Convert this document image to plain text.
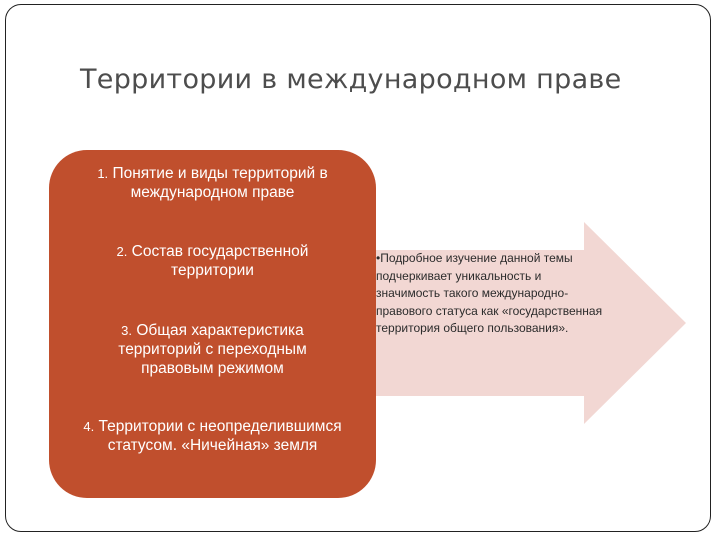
Территории в международном праве
1. Понятие и виды территорий в международном праве
2. Состав государственной территории
3. Общая характеристика территорий с переходным правовым режимом
4. Территории с неопределившимся статусом. «Ничейная» земля
•Подробное изучение данной темы подчеркивает уникальность и значимость такого международно-правового статуса как «государственная территория общего пользования».
